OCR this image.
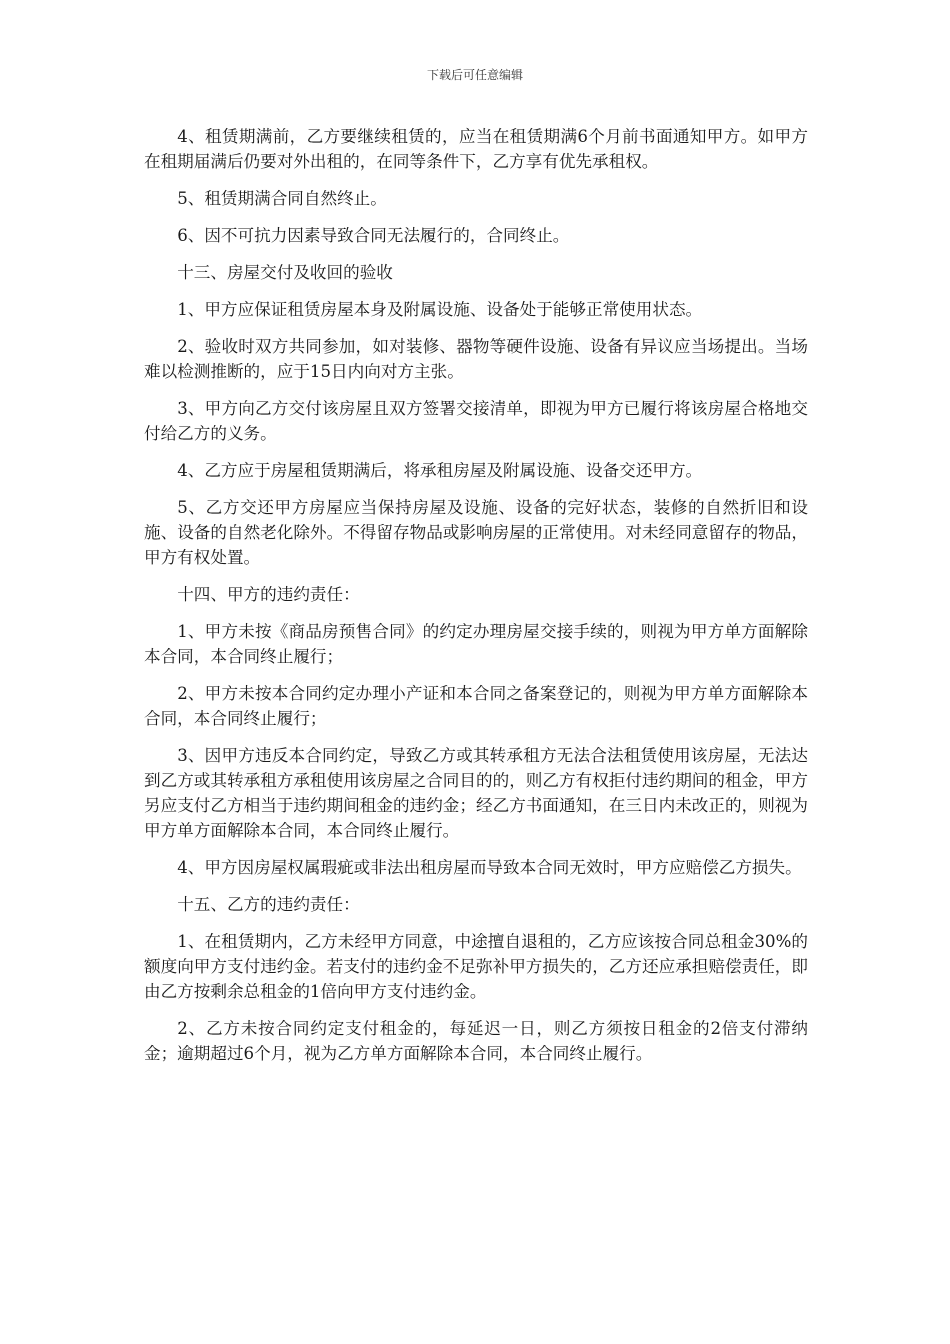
下载后可任意编辑

4、租赁期满前，乙方要继续租赁的，应当在租赁期满6个月前书面通知甲方。如甲方在租期届满后仍要对外出租的，在同等条件下，乙方享有优先承租权。

5、租赁期满合同自然终止。

6、因不可抗力因素导致合同无法履行的，合同终止。

十三、房屋交付及收回的验收

1、甲方应保证租赁房屋本身及附属设施、设备处于能够正常使用状态。

2、验收时双方共同参加，如对装修、器物等硬件设施、设备有异议应当场提出。当场难以检测推断的，应于15日内向对方主张。

3、甲方向乙方交付该房屋且双方签署交接清单，即视为甲方已履行将该房屋合格地交付给乙方的义务。

4、乙方应于房屋租赁期满后，将承租房屋及附属设施、设备交还甲方。

5、乙方交还甲方房屋应当保持房屋及设施、设备的完好状态，装修的自然折旧和设施、设备的自然老化除外。不得留存物品或影响房屋的正常使用。对未经同意留存的物品，甲方有权处置。

十四、甲方的违约责任：

1、甲方未按《商品房预售合同》的约定办理房屋交接手续的，则视为甲方单方面解除本合同，本合同终止履行；

2、甲方未按本合同约定办理小产证和本合同之备案登记的，则视为甲方单方面解除本合同，本合同终止履行；

3、因甲方违反本合同约定，导致乙方或其转承租方无法合法租赁使用该房屋，无法达到乙方或其转承租方承租使用该房屋之合同目的的，则乙方有权拒付违约期间的租金，甲方另应支付乙方相当于违约期间租金的违约金；经乙方书面通知，在三日内未改正的，则视为甲方单方面解除本合同，本合同终止履行。

4、甲方因房屋权属瑕疵或非法出租房屋而导致本合同无效时，甲方应赔偿乙方损失。

十五、乙方的违约责任：

1、在租赁期内，乙方未经甲方同意，中途擅自退租的，乙方应该按合同总租金30%的额度向甲方支付违约金。若支付的违约金不足弥补甲方损失的，乙方还应承担赔偿责任，即由乙方按剩余总租金的1倍向甲方支付违约金。

2、乙方未按合同约定支付租金的，每延迟一日，则乙方须按日租金的2倍支付滞纳金；逾期超过6个月，视为乙方单方面解除本合同，本合同终止履行。
